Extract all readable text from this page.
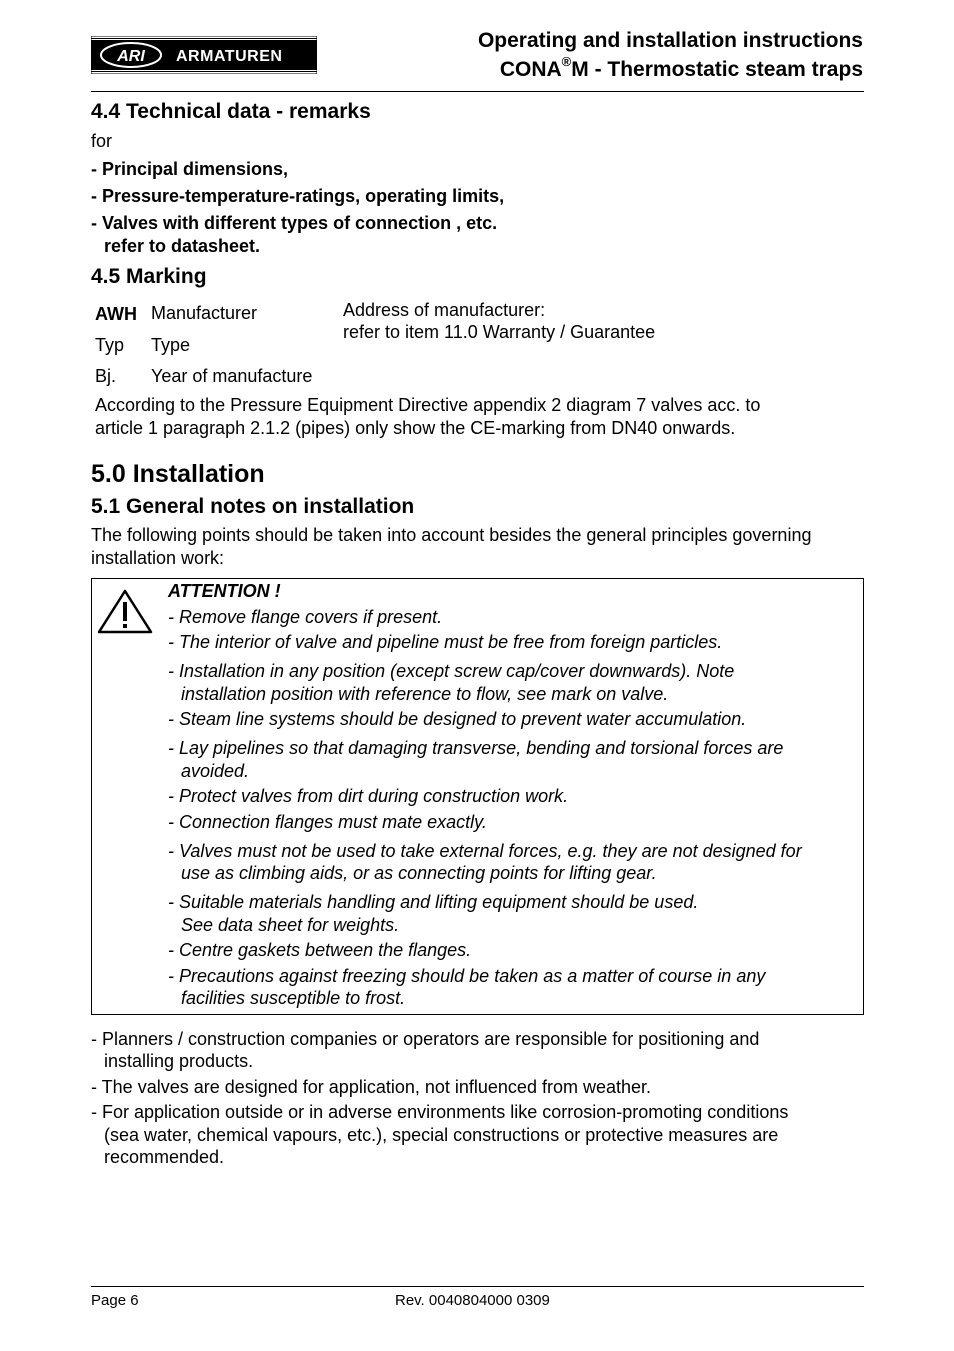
ARI ARMATUREN
Operating and installation instructions
CONA®M - Thermostatic steam traps
4.4 Technical data - remarks
for
- Principal dimensions,
- Pressure-temperature-ratings, operating limits,
- Valves with different types of connection , etc.
refer to datasheet.
4.5 Marking
AWH Manufacturer
Typ Type
Bj. Year of manufacture
Address of manufacturer:
refer to item 11.0 Warranty / Guarantee
According to the Pressure Equipment Directive appendix 2 diagram 7 valves acc. to
article 1 paragraph 2.1.2 (pipes) only show the CE-marking from DN40 onwards.
5.0 Installation
5.1 General notes on installation
The following points should be taken into account besides the general principles governing
installation work:
ATTENTION !
- Remove flange covers if present.
- The interior of valve and pipeline must be free from foreign particles.
- Installation in any position (except screw cap/cover downwards). Note
installation position with reference to flow, see mark on valve.
- Steam line systems should be designed to prevent water accumulation.
- Lay pipelines so that damaging transverse, bending and torsional forces are
avoided.
- Protect valves from dirt during construction work.
- Connection flanges must mate exactly.
- Valves must not be used to take external forces, e.g. they are not designed for
use as climbing aids, or as connecting points for lifting gear.
- Suitable materials handling and lifting equipment should be used.
See data sheet for weights.
- Centre gaskets between the flanges.
- Precautions against freezing should be taken as a matter of course in any
facilities susceptible to frost.
- Planners / construction companies or operators are responsible for positioning and
installing products.
- The valves are designed for application, not influenced from weather.
- For application outside or in adverse environments like corrosion-promoting conditions
(sea water, chemical vapours, etc.), special constructions or protective measures are
recommended.
Page 6	Rev. 0040804000 0309
